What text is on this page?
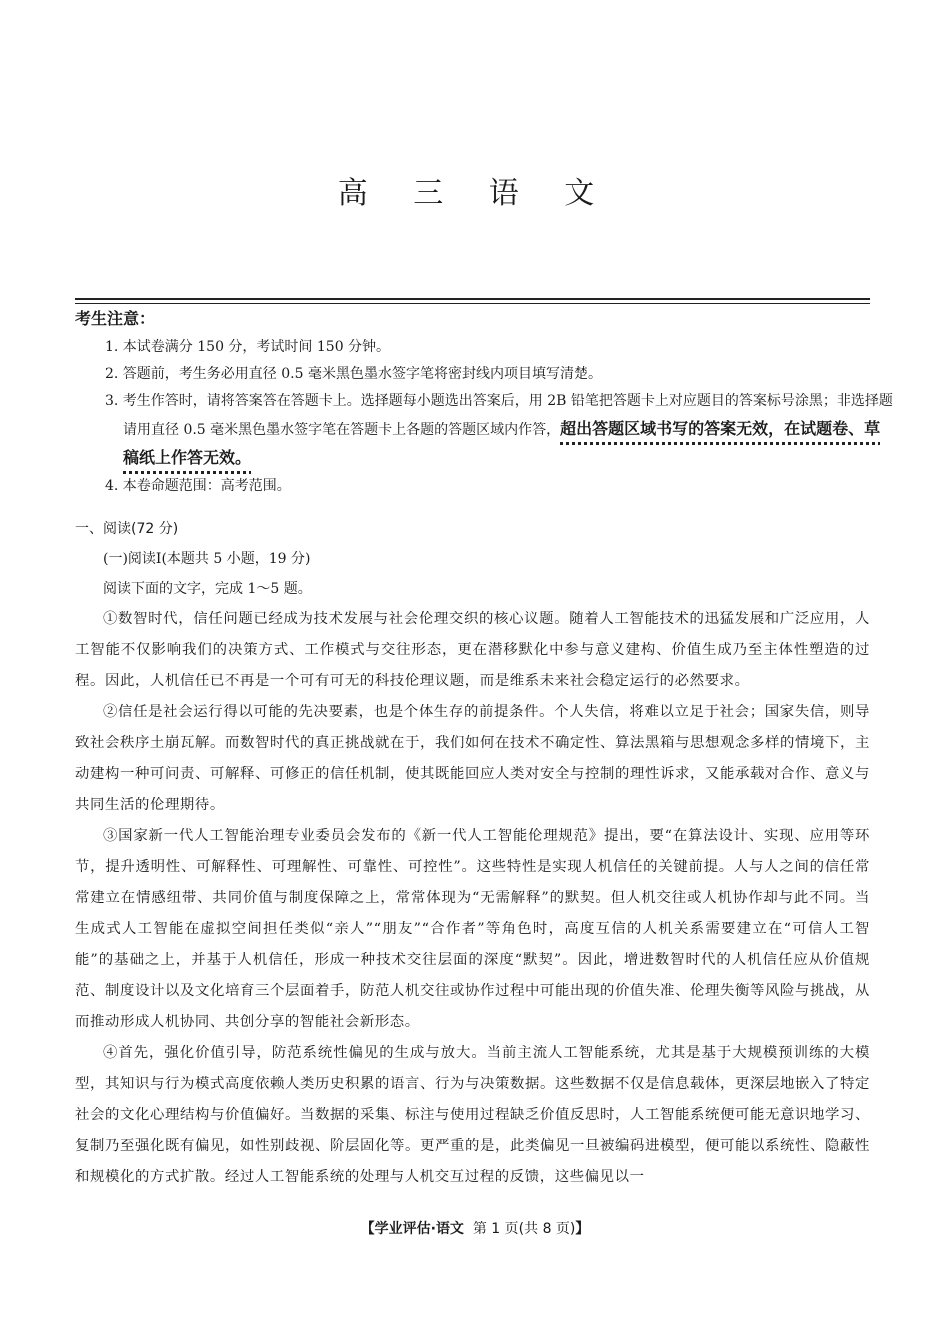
高 三 语 文

考生注意：

1. 本试卷满分 150 分，考试时间 150 分钟。

2. 答题前，考生务必用直径 0.5 毫米黑色墨水签字笔将密封线内项目填写清楚。

3. 考生作答时，请将答案答在答题卡上。选择题每小题选出答案后，用 2B 铅笔把答题卡上对应题目的答案标号涂黑；非选择题请用直径 0.5 毫米黑色墨水签字笔在答题卡上各题的答题区域内作答，超出答题区域书写的答案无效，在试题卷、草稿纸上作答无效。

4. 本卷命题范围：高考范围。

一、阅读(72 分)

(一)阅读Ⅰ(本题共 5 小题，19 分)

阅读下面的文字，完成 1～5 题。

①数智时代，信任问题已经成为技术发展与社会伦理交织的核心议题。随着人工智能技术的迅猛发展和广泛应用，人工智能不仅影响我们的决策方式、工作模式与交往形态，更在潜移默化中参与意义建构、价值生成乃至主体性塑造的过程。因此，人机信任已不再是一个可有可无的科技伦理议题，而是维系未来社会稳定运行的必然要求。

②信任是社会运行得以可能的先决要素，也是个体生存的前提条件。个人失信，将难以立足于社会；国家失信，则导致社会秩序土崩瓦解。而数智时代的真正挑战就在于，我们如何在技术不确定性、算法黑箱与思想观念多样的情境下，主动建构一种可问责、可解释、可修正的信任机制，使其既能回应人类对安全与控制的理性诉求，又能承载对合作、意义与共同生活的伦理期待。

③国家新一代人工智能治理专业委员会发布的《新一代人工智能伦理规范》提出，要“在算法设计、实现、应用等环节，提升透明性、可解释性、可理解性、可靠性、可控性”。这些特性是实现人机信任的关键前提。人与人之间的信任常常建立在情感纽带、共同价值与制度保障之上，常常体现为“无需解释”的默契。但人机交往或人机协作却与此不同。当生成式人工智能在虚拟空间担任类似“亲人”“朋友”“合作者”等角色时，高度互信的人机关系需要建立在“可信人工智能”的基础之上，并基于人机信任，形成一种技术交往层面的深度“默契”。因此，增进数智时代的人机信任应从价值规范、制度设计以及文化培育三个层面着手，防范人机交往或协作过程中可能出现的价值失准、伦理失衡等风险与挑战，从而推动形成人机协同、共创分享的智能社会新形态。

④首先，强化价值引导，防范系统性偏见的生成与放大。当前主流人工智能系统，尤其是基于大规模预训练的大模型，其知识与行为模式高度依赖人类历史积累的语言、行为与决策数据。这些数据不仅是信息载体，更深层地嵌入了特定社会的文化心理结构与价值偏好。当数据的采集、标注与使用过程缺乏价值反思时，人工智能系统便可能无意识地学习、复制乃至强化既有偏见，如性别歧视、阶层固化等。更严重的是，此类偏见一旦被编码进模型，便可能以系统性、隐蔽性和规模化的方式扩散。经过人工智能系统的处理与人机交互过程的反馈，这些偏见以一

【学业评估·语文 第 1 页(共 8 页)】
